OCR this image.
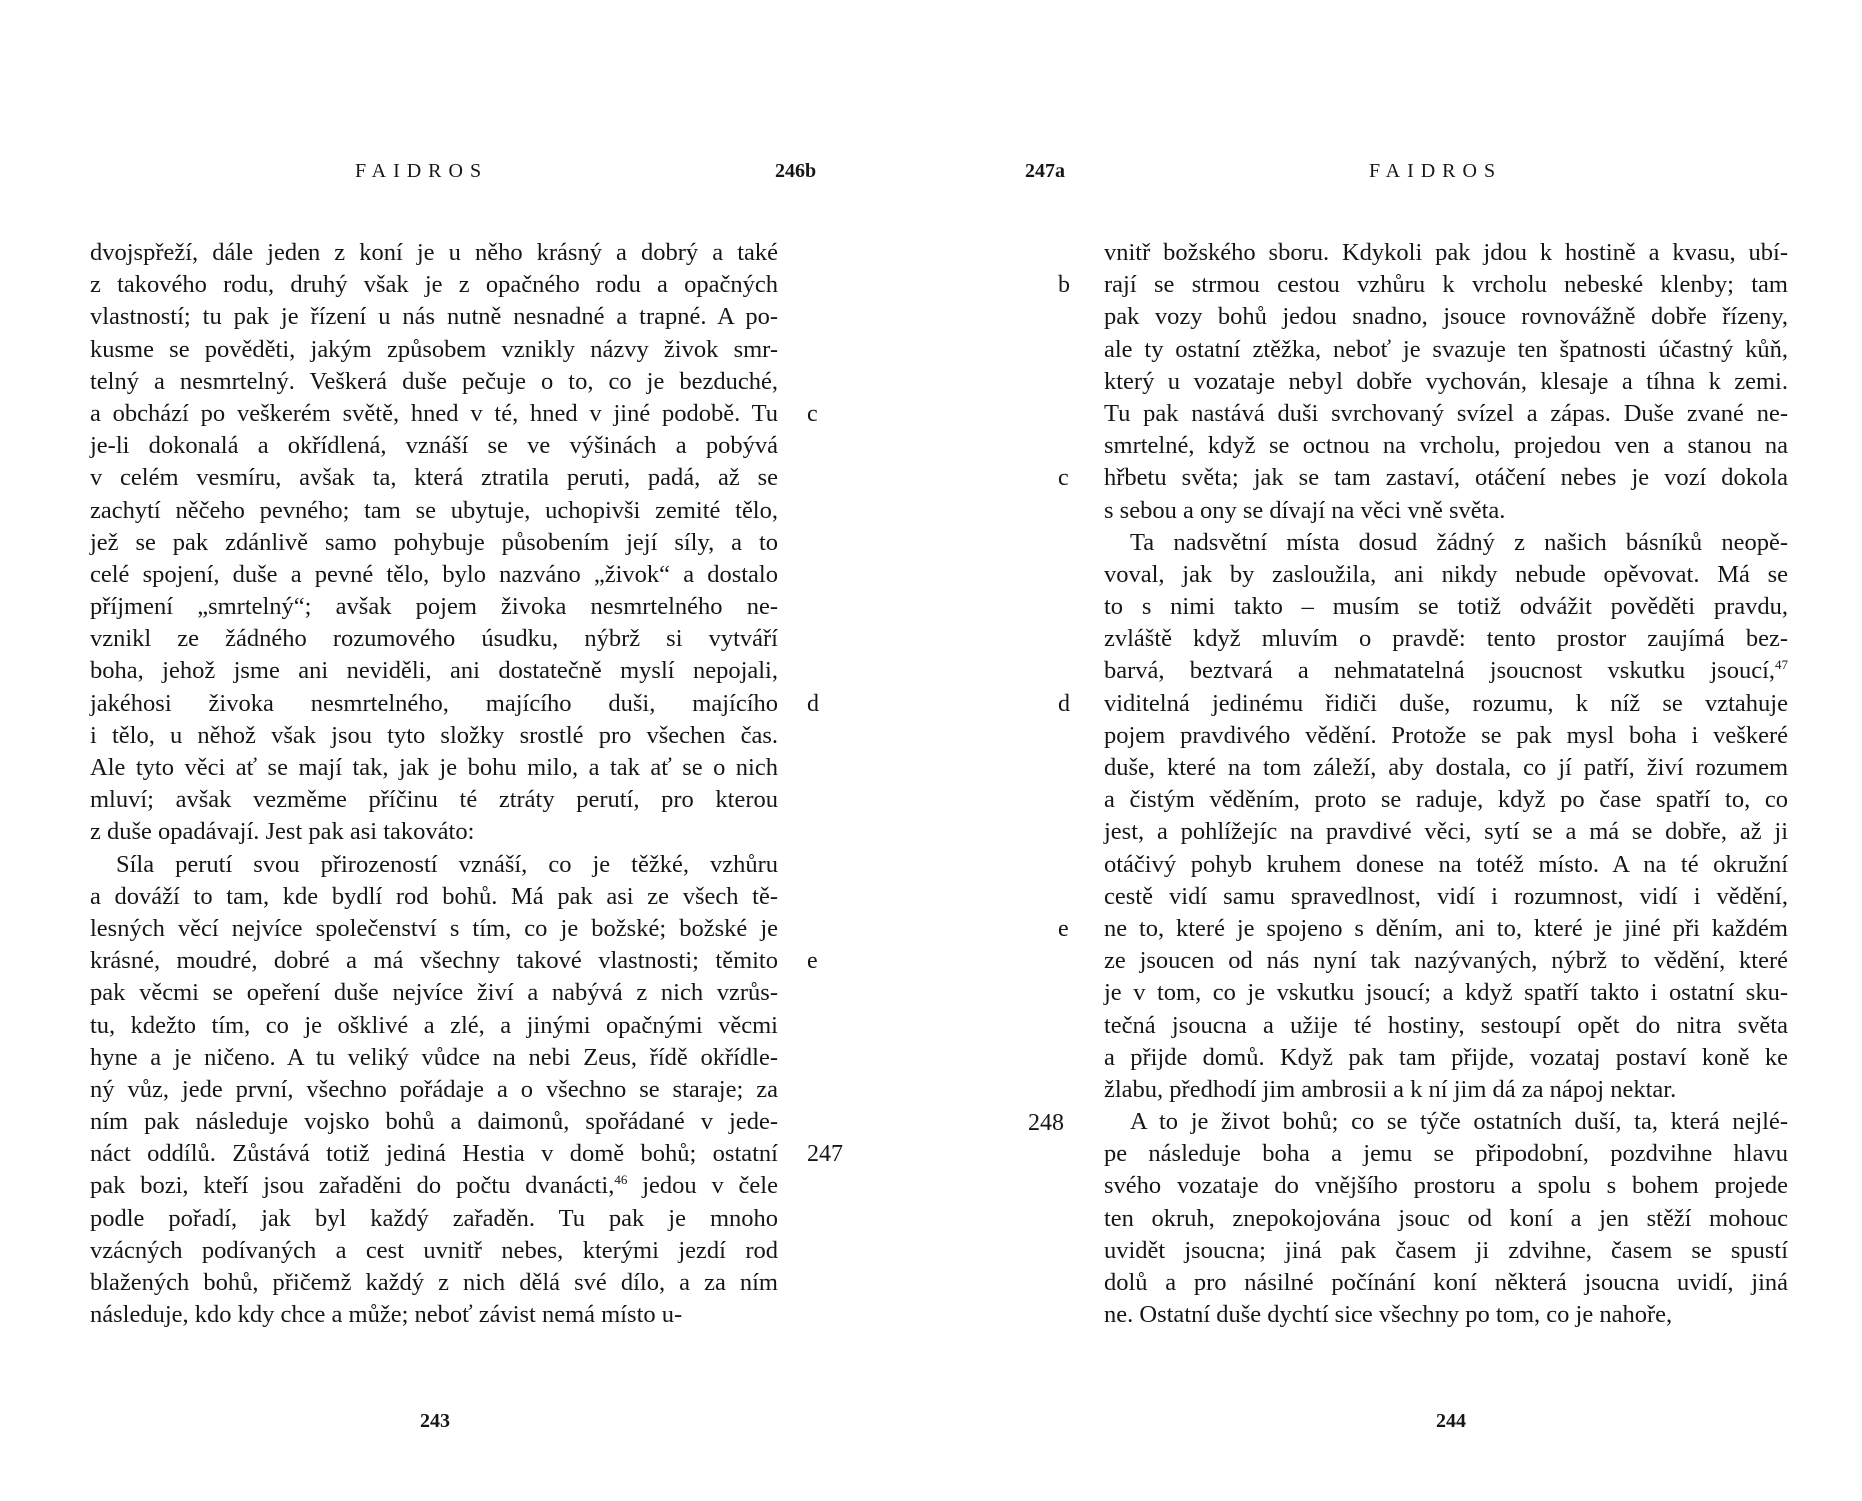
FAIDROS	246b
dvojspřeží, dále jeden z koní je u něho krásný a dobrý a také
z takového rodu, druhý však je z opačného rodu a opačných
vlastností; tu pak je řízení u nás nutně nesnadné a trapné. A po-
kusme se pověděti, jakým způsobem vznikly názvy živok smr-
telný a nesmrtelný. Veškerá duše pečuje o to, co je bezduché,
a obchází po veškerém světě, hned v té, hned v jiné podobě. Tu
je-li dokonalá a okřídlená, vznáší se ve výšinách a pobývá
v celém vesmíru, avšak ta, která ztratila peruti, padá, až se
zachytí něčeho pevného; tam se ubytuje, uchopivši zemité tělo,
jež se pak zdánlivě samo pohybuje působením její síly, a to
celé spojení, duše a pevné tělo, bylo nazváno „živok“ a dostalo
příjmení „smrtelný“; avšak pojem živoka nesmrtelného ne-
vznikl ze žádného rozumového úsudku, nýbrž si vytváří
boha, jehož jsme ani neviděli, ani dostatečně myslí nepojali,
jakéhosi živoka nesmrtelného, majícího duši, majícího
i tělo, u něhož však jsou tyto složky srostlé pro všechen čas.
Ale tyto věci ať se mají tak, jak je bohu milo, a tak ať se o nich
mluví; avšak vezměme příčinu té ztráty perutí, pro kterou
z duše opadávají. Jest pak asi takováto:
Síla perutí svou přirozeností vznáší, co je těžké, vzhůru
a dováží to tam, kde bydlí rod bohů. Má pak asi ze všech tě-
lesných věcí nejvíce společenství s tím, co je božské; božské je
krásné, moudré, dobré a má všechny takové vlastnosti; těmito
pak věcmi se opeření duše nejvíce živí a nabývá z nich vzrůs-
tu, kdežto tím, co je ošklivé a zlé, a jinými opačnými věcmi
hyne a je ničeno. A tu veliký vůdce na nebi Zeus, řídě okřídle-
ný vůz, jede první, všechno pořádaje a o všechno se staraje; za
ním pak následuje vojsko bohů a daimonů, spořádané v jede-
náct oddílů. Zůstává totiž jediná Hestia v domě bohů; ostatní
pak bozi, kteří jsou zařaděni do počtu dvanácti,$^{46}$ jedou v čele
podle pořadí, jak byl každý zařaděn. Tu pak je mnoho
vzácných podívaných a cest uvnitř nebes, kterými jezdí rod
blažených bohů, přičemž každý z nich dělá své dílo, a za ním
následuje, kdo kdy chce a může; neboť závist nemá místo u-
c
d
e
247
243
247a	FAIDROS
vnitř božského sboru. Kdykoli pak jdou k hostině a kvasu, ubí-
rají se strmou cestou vzhůru k vrcholu nebeské klenby; tam
pak vozy bohů jedou snadno, jsouce rovnovážně dobře řízeny,
ale ty ostatní ztěžka, neboť je svazuje ten špatnosti účastný kůň,
který u vozataje nebyl dobře vychován, klesaje a tíhna k zemi.
Tu pak nastává duši svrchovaný svízel a zápas. Duše zvané ne-
smrtelné, když se octnou na vrcholu, projedou ven a stanou na
hřbetu světa; jak se tam zastaví, otáčení nebes je vozí dokola
s sebou a ony se dívají na věci vně světa.
Ta nadsvětní místa dosud žádný z našich básníků neopě-
voval, jak by zasloužila, ani nikdy nebude opěvovat. Má se
to s nimi takto – musím se totiž odvážit pověděti pravdu,
zvláště když mluvím o pravdě: tento prostor zaujímá bez-
barvá, beztvará a nehmatatelná jsoucnost vskutku jsoucí,$^{47}$
viditelná jedinému řidiči duše, rozumu, k níž se vztahuje
pojem pravdivého vědění. Protože se pak mysl boha i veškeré
duše, které na tom záleží, aby dostala, co jí patří, živí rozumem
a čistým věděním, proto se raduje, když po čase spatří to, co
jest, a pohlížejíc na pravdivé věci, sytí se a má se dobře, až ji
otáčivý pohyb kruhem donese na totéž místo. A na té okružní
cestě vidí samu spravedlnost, vidí i rozumnost, vidí i vědění,
ne to, které je spojeno s děním, ani to, které je jiné při každém
ze jsoucen od nás nyní tak nazývaných, nýbrž to vědění, které
je v tom, co je vskutku jsoucí; a když spatří takto i ostatní sku-
tečná jsoucna a užije té hostiny, sestoupí opět do nitra světa
a přijde domů. Když pak tam přijde, vozataj postaví koně ke
žlabu, předhodí jim ambrosii a k ní jim dá za nápoj nektar.
A to je život bohů; co se týče ostatních duší, ta, která nejlé-
pe následuje boha a jemu se připodobní, pozdvihne hlavu
svého vozataje do vnějšího prostoru a spolu s bohem projede
ten okruh, znepokojována jsouc od koní a jen stěží mohouc
uvidět jsoucna; jiná pak časem ji zdvihne, časem se spustí
dolů a pro násilné počínání koní některá jsoucna uvidí, jiná
ne. Ostatní duše dychtí sice všechny po tom, co je nahoře,
b
c
d
e
248
244
